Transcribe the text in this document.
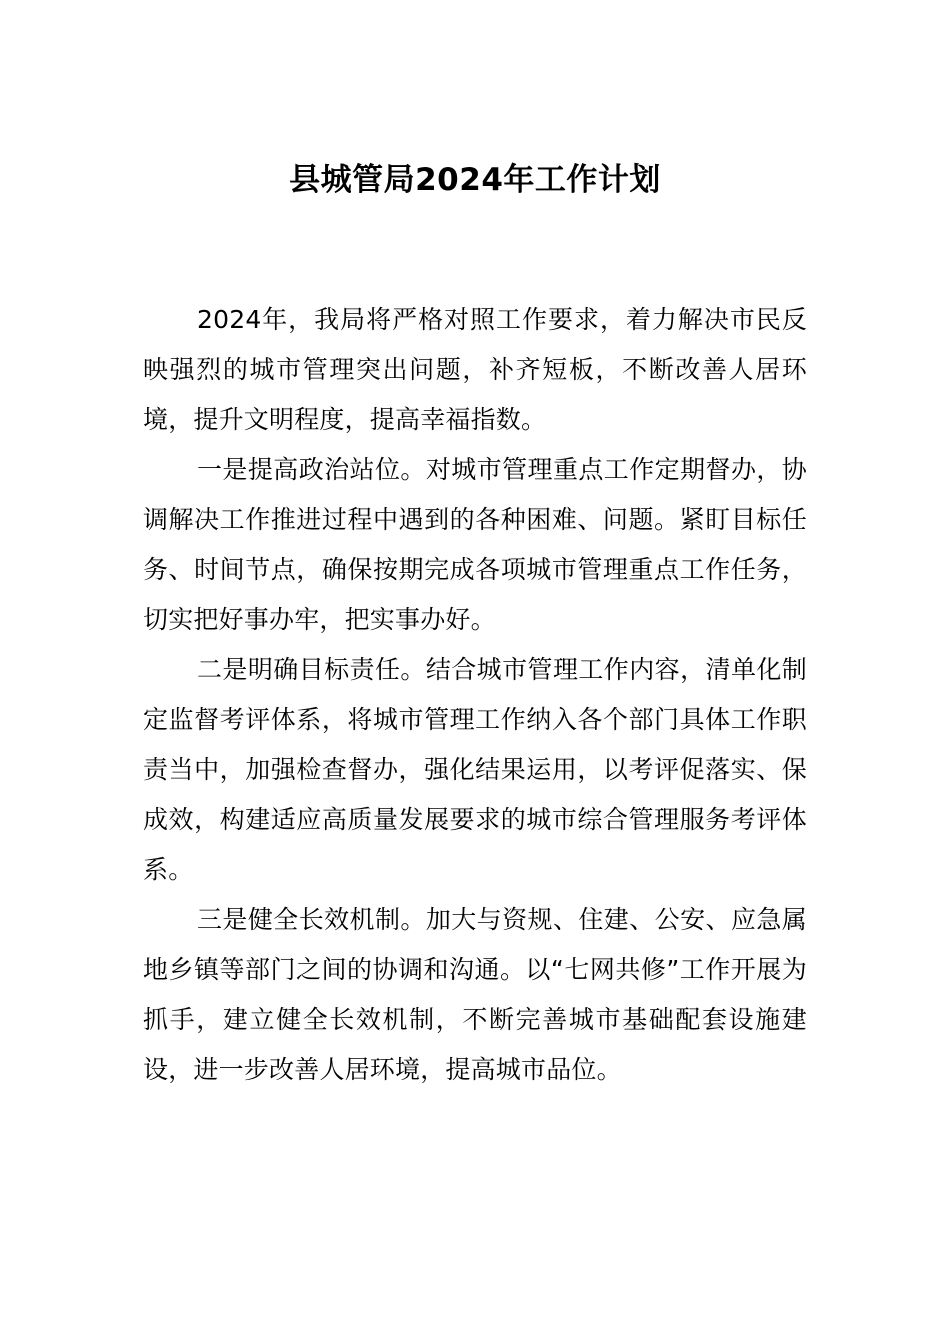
县城管局2024年工作计划

2024年，我局将严格对照工作要求，着力解决市民反映强烈的城市管理突出问题，补齐短板，不断改善人居环境，提升文明程度，提高幸福指数。

一是提高政治站位。对城市管理重点工作定期督办，协调解决工作推进过程中遇到的各种困难、问题。紧盯目标任务、时间节点，确保按期完成各项城市管理重点工作任务，切实把好事办牢，把实事办好。

二是明确目标责任。结合城市管理工作内容，清单化制定监督考评体系，将城市管理工作纳入各个部门具体工作职责当中，加强检查督办，强化结果运用，以考评促落实、保成效，构建适应高质量发展要求的城市综合管理服务考评体系。

三是健全长效机制。加大与资规、住建、公安、应急属地乡镇等部门之间的协调和沟通。以“七网共修”工作开展为抓手，建立健全长效机制，不断完善城市基础配套设施建设，进一步改善人居环境，提高城市品位。
